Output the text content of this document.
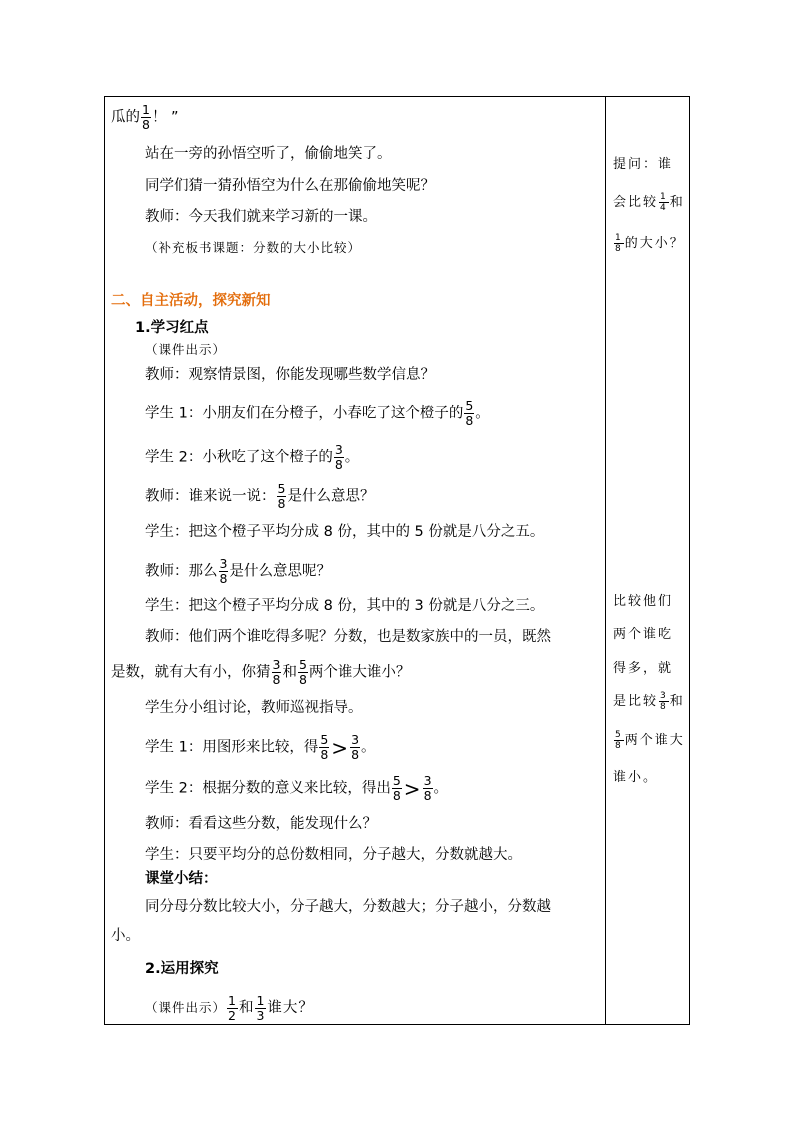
瓜的 $\frac{1}{8}$ ！ ”
站在一旁的孙悟空听了，偷偷地笑了。
同学们猜一猜孙悟空为什么在那偷偷地笑呢？
教师：今天我们就来学习新的一课。
（补充板书课题：分数的大小比较）
二、自主活动，探究新知
1.学习红点
（课件出示）
教师：观察情景图，你能发现哪些数学信息？
学生 1：小朋友们在分橙子，小春吃了这个橙子的 $\frac{5}{8}$ 。
学生 2：小秋吃了这个橙子的 $\frac{3}{8}$ 。
教师：谁来说一说： $\frac{5}{8}$ 是什么意思？
学生：把这个橙子平均分成 8 份，其中的 5 份就是八分之五。
教师：那么 $\frac{3}{8}$ 是什么意思呢？
学生：把这个橙子平均分成 8 份，其中的 3 份就是八分之三。
教师：他们两个谁吃得多呢？分数，也是数家族中的一员，既然
是数，就有大有小，你猜 $\frac{3}{8}$ 和 $\frac{5}{8}$ 两个谁大谁小？
学生分小组讨论，教师巡视指导。
学生 1：用图形来比较，得 $\frac{5}{8} > \frac{3}{8}$ 。
学生 2：根据分数的意义来比较，得出 $\frac{5}{8} > \frac{3}{8}$ 。
教师：看看这些分数，能发现什么？
学生：只要平均分的总份数相同，分子越大，分数就越大。
课堂小结：
同分母分数比较大小，分子越大，分数越大；分子越小，分数越
小。
2.运用探究
（课件出示） $\frac{1}{2}$ 和 $\frac{1}{3}$ 谁大？
提问：谁
会比较 $\frac{1}{4}$ 和
$\frac{1}{8}$ 的大小？
比较他们
两个谁吃
得多，就
是比较 $\frac{3}{8}$ 和
$\frac{5}{8}$ 两个谁大
谁小。
